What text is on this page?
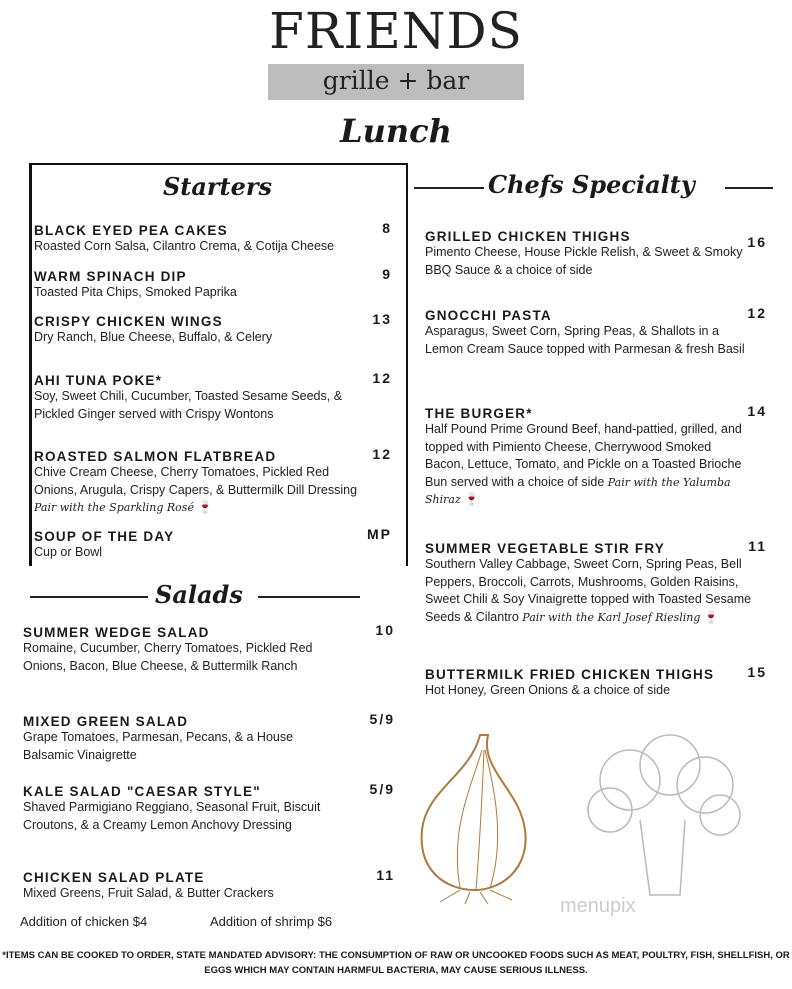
FRIENDS
grille + bar
Lunch
Starters	Chefs Specialty
Salads
BLACK EYED PEA CAKES
Roasted Corn Salsa, Cilantro Crema, & Cotija Cheese
8
WARM SPINACH DIP
Toasted Pita Chips, Smoked Paprika
9
CRISPY CHICKEN WINGS
Dry Ranch, Blue Cheese, Buffalo, & Celery
13
AHI TUNA POKE*
Soy, Sweet Chili, Cucumber, Toasted Sesame Seeds, & Pickled Ginger served with Crispy Wontons
12
ROASTED SALMON FLATBREAD
Chive Cream Cheese, Cherry Tomatoes, Pickled Red Onions, Arugula, Crispy Capers, & Buttermilk Dill Dressing Pair with the Sparkling Rosé 🍷
12
SOUP OF THE DAY
Cup or Bowl
MP
SUMMER WEDGE SALAD
Romaine, Cucumber, Cherry Tomatoes, Pickled Red Onions, Bacon, Blue Cheese, & Buttermilk Ranch
10
MIXED GREEN SALAD
Grape Tomatoes, Parmesan, Pecans, & a House Balsamic Vinaigrette
5/9
KALE SALAD "CAESAR STYLE"
Shaved Parmigiano Reggiano, Seasonal Fruit, Biscuit Croutons, & a Creamy Lemon Anchovy Dressing
5/9
CHICKEN SALAD PLATE
Mixed Greens, Fruit Salad, & Butter Crackers
11
GRILLED CHICKEN THIGHS
Pimento Cheese, House Pickle Relish, & Sweet & Smoky BBQ Sauce & a choice of side
16
GNOCCHI PASTA
Asparagus, Sweet Corn, Spring Peas, & Shallots in a Lemon Cream Sauce topped with Parmesan & fresh Basil
12
THE BURGER*
Half Pound Prime Ground Beef, hand-pattied, grilled, and topped with Pimiento Cheese, Cherrywood Smoked Bacon, Lettuce, Tomato, and Pickle on a Toasted Brioche Bun served with a choice of side Pair with the Yalumba Shiraz 🍷
14
SUMMER VEGETABLE STIR FRY
Southern Valley Cabbage, Sweet Corn, Spring Peas, Bell Peppers, Broccoli, Carrots, Mushrooms, Golden Raisins, Sweet Chili & Soy Vinaigrette topped with Toasted Sesame Seeds & Cilantro Pair with the Karl Josef Riesling 🍷
11
BUTTERMILK FRIED CHICKEN THIGHS
Hot Honey, Green Onions & a choice of side
15
Addition of chicken $4	Addition of shrimp $6
menupix
*ITEMS CAN BE COOKED TO ORDER, STATE MANDATED ADVISORY: THE CONSUMPTION OF RAW OR UNCOOKED FOODS SUCH AS MEAT, POULTRY, FISH, SHELLFISH, OR EGGS WHICH MAY CONTAIN HARMFUL BACTERIA, MAY CAUSE SERIOUS ILLNESS.
